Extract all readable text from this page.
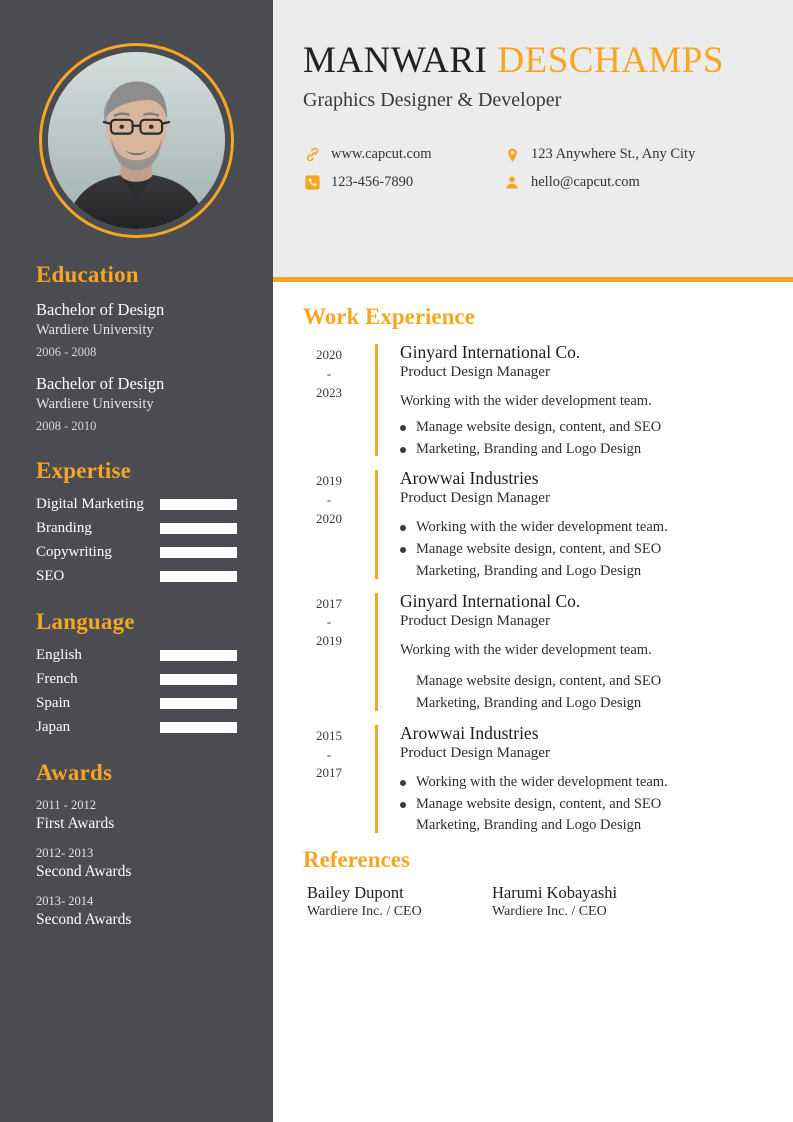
Education
Bachelor of Design
Wardiere University
2006 - 2008
Bachelor of Design
Wardiere University
2008 - 2010
Expertise
Digital Marketing
Branding
Copywriting
SEO
Language
English
French
Spain
Japan
Awards
2011 - 2012
First Awards
2012- 2013
Second Awards
2013- 2014
Second Awards
MANWARI DESCHAMPS
Graphics Designer & Developer
www.capcut.com	123 Anywhere St., Any City
123-456-7890	hello@capcut.com
Work Experience
2020
-
2023
Ginyard International Co.
Product Design Manager
Working with the wider development team.
Manage website design, content, and SEO
Marketing, Branding and Logo Design
2019
-
2020
Arowwai Industries
Product Design Manager
Working with the wider development team.
Manage website design, content, and SEO
Marketing, Branding and Logo Design
2017
-
2019
Ginyard International Co.
Product Design Manager
Working with the wider development team.
Manage website design, content, and SEO
Marketing, Branding and Logo Design
2015
-
2017
Arowwai Industries
Product Design Manager
Working with the wider development team.
Manage website design, content, and SEO
Marketing, Branding and Logo Design
References
Bailey Dupont
Wardiere Inc. / CEO
Harumi Kobayashi
Wardiere Inc. / CEO
